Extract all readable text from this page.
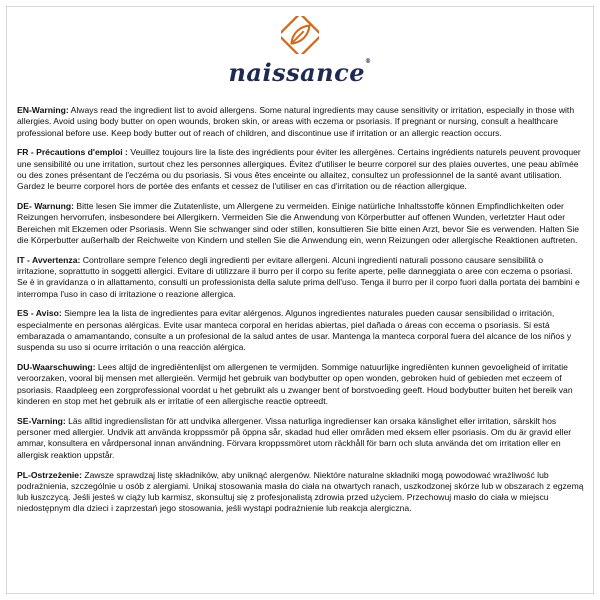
naissance®

EN-Warning: Always read the ingredient list to avoid allergens. Some natural ingredients may cause sensitivity or irritation, especially in those with allergies. Avoid using body butter on open wounds, broken skin, or areas with eczema or psoriasis. If pregnant or nursing, consult a healthcare professional before use. Keep body butter out of reach of children, and discontinue use if irritation or an allergic reaction occurs.

FR - Précautions d'emploi : Veuillez toujours lire la liste des ingrédients pour éviter les allergènes. Certains ingrédients naturels peuvent provoquer une sensibilité ou une irritation, surtout chez les personnes allergiques. Évitez d'utiliser le beurre corporel sur des plaies ouvertes, une peau abîmée ou des zones présentant de l'eczéma ou du psoriasis. Si vous êtes enceinte ou allaitez, consultez un professionnel de la santé avant utilisation. Gardez le beurre corporel hors de portée des enfants et cessez de l'utiliser en cas d'irritation ou de réaction allergique.

DE- Warnung: Bitte lesen Sie immer die Zutatenliste, um Allergene zu vermeiden. Einige natürliche Inhaltsstoffe können Empfindlichkeiten oder Reizungen hervorrufen, insbesondere bei Allergikern. Vermeiden Sie die Anwendung von Körperbutter auf offenen Wunden, verletzter Haut oder Bereichen mit Ekzemen oder Psoriasis. Wenn Sie schwanger sind oder stillen, konsultieren Sie bitte einen Arzt, bevor Sie es verwenden. Halten Sie die Körperbutter außerhalb der Reichweite von Kindern und stellen Sie die Anwendung ein, wenn Reizungen oder allergische Reaktionen auftreten.

IT - Avvertenza: Controllare sempre l'elenco degli ingredienti per evitare allergeni. Alcuni ingredienti naturali possono causare sensibilità o irritazione, soprattutto in soggetti allergici. Evitare di utilizzare il burro per il corpo su ferite aperte, pelle danneggiata o aree con eczema o psoriasi. Se è in gravidanza o in allattamento, consulti un professionista della salute prima dell'uso. Tenga il burro per il corpo fuori dalla portata dei bambini e interrompa l'uso in caso di irritazione o reazione allergica.

ES - Aviso: Siempre lea la lista de ingredientes para evitar alérgenos. Algunos ingredientes naturales pueden causar sensibilidad o irritación, especialmente en personas alérgicas. Evite usar manteca corporal en heridas abiertas, piel dañada o áreas con eccema o psoriasis. Si está embarazada o amamantando, consulte a un profesional de la salud antes de usar. Mantenga la manteca corporal fuera del alcance de los niños y suspenda su uso si ocurre irritación o una reacción alérgica.

DU-Waarschuwing: Lees altijd de ingrediëntenlijst om allergenen te vermijden. Sommige natuurlijke ingrediënten kunnen gevoeligheid of irritatie veroorzaken, vooral bij mensen met allergieën. Vermijd het gebruik van bodybutter op open wonden, gebroken huid of gebieden met eczeem of psoriasis. Raadpleeg een zorgprofessional voordat u het gebruikt als u zwanger bent of borstvoeding geeft. Houd bodybutter buiten het bereik van kinderen en stop met het gebruik als er irritatie of een allergische reactie optreedt.

SE-Varning: Läs alltid ingredienslistan för att undvika allergener. Vissa naturliga ingredienser kan orsaka känslighet eller irritation, särskilt hos personer med allergier. Undvik att använda kroppssmör på öppna sår, skadad hud eller områden med eksem eller psoriasis. Om du är gravid eller ammar, konsultera en vårdpersonal innan användning. Förvara kroppssmöret utom räckhåll för barn och sluta använda det om irritation eller en allergisk reaktion uppstår.

PL-Ostrzeżenie: Zawsze sprawdzaj listę składników, aby uniknąć alergenów. Niektóre naturalne składniki mogą powodować wrażliwość lub podrażnienia, szczególnie u osób z alergiami. Unikaj stosowania masła do ciała na otwartych ranach, uszkodzonej skórze lub w obszarach z egzemą lub łuszczycą. Jeśli jesteś w ciąży lub karmisz, skonsultuj się z profesjonalistą zdrowia przed użyciem. Przechowuj masło do ciała w miejscu niedostępnym dla dzieci i zaprzestań jego stosowania, jeśli wystąpi podrażnienie lub reakcja alergiczna.
